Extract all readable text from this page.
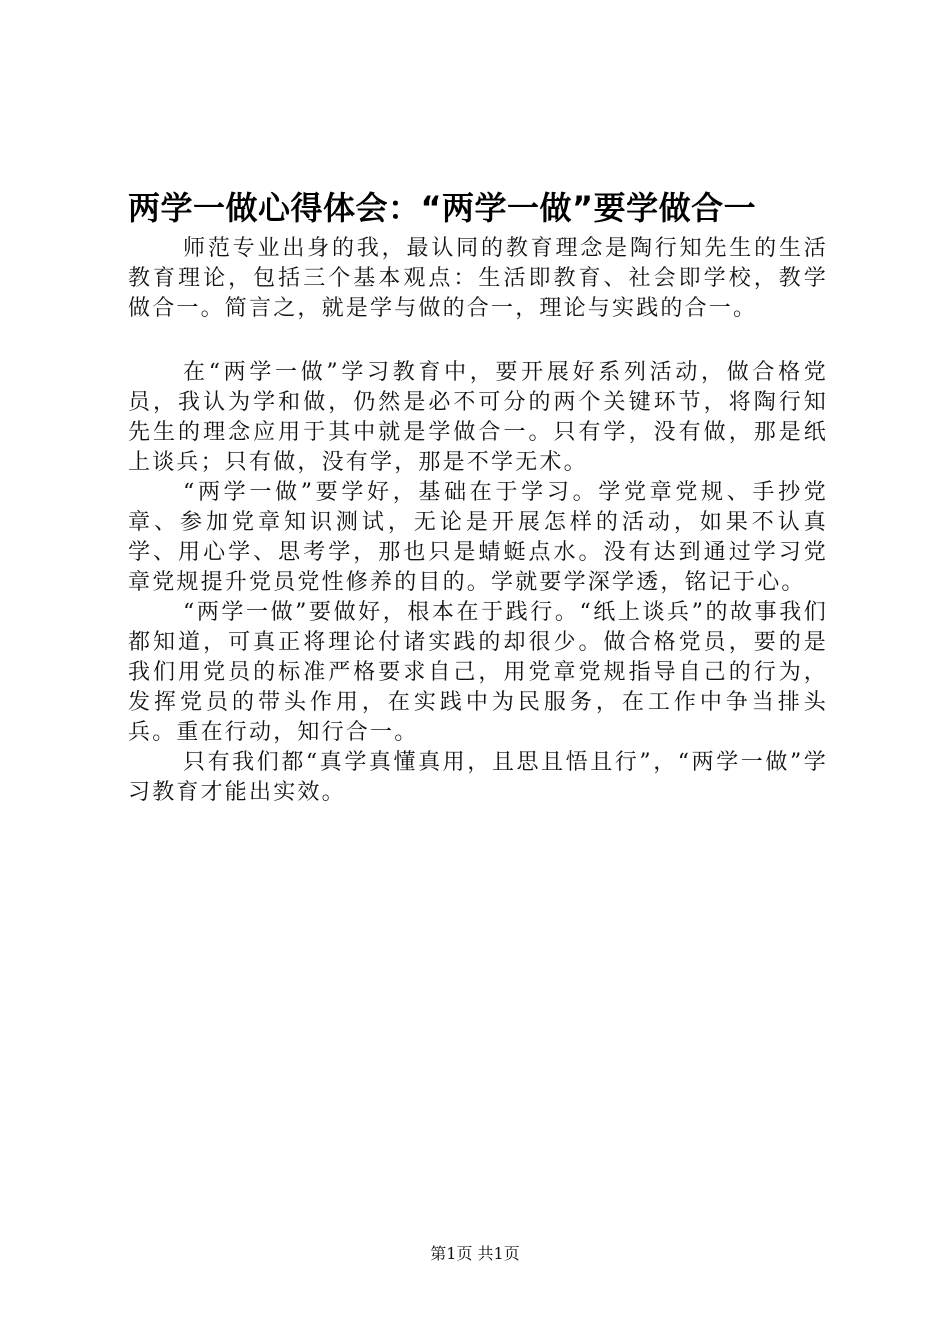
两学一做心得体会：“两学一做”要学做合一

师范专业出身的我，最认同的教育理念是陶行知先生的生活教育理论，包括三个基本观点：生活即教育、社会即学校，教学做合一。简言之，就是学与做的合一，理论与实践的合一。

在“两学一做”学习教育中，要开展好系列活动，做合格党员，我认为学和做，仍然是必不可分的两个关键环节，将陶行知先生的理念应用于其中就是学做合一。只有学，没有做，那是纸上谈兵；只有做，没有学，那是不学无术。

“两学一做”要学好，基础在于学习。学党章党规、手抄党章、参加党章知识测试，无论是开展怎样的活动，如果不认真学、用心学、思考学，那也只是蜻蜓点水。没有达到通过学习党章党规提升党员党性修养的目的。学就要学深学透，铭记于心。

“两学一做”要做好，根本在于践行。“纸上谈兵”的故事我们都知道，可真正将理论付诸实践的却很少。做合格党员，要的是我们用党员的标准严格要求自己，用党章党规指导自己的行为，发挥党员的带头作用，在实践中为民服务，在工作中争当排头兵。重在行动，知行合一。

只有我们都“真学真懂真用，且思且悟且行”，“两学一做”学习教育才能出实效。

第1页 共1页
